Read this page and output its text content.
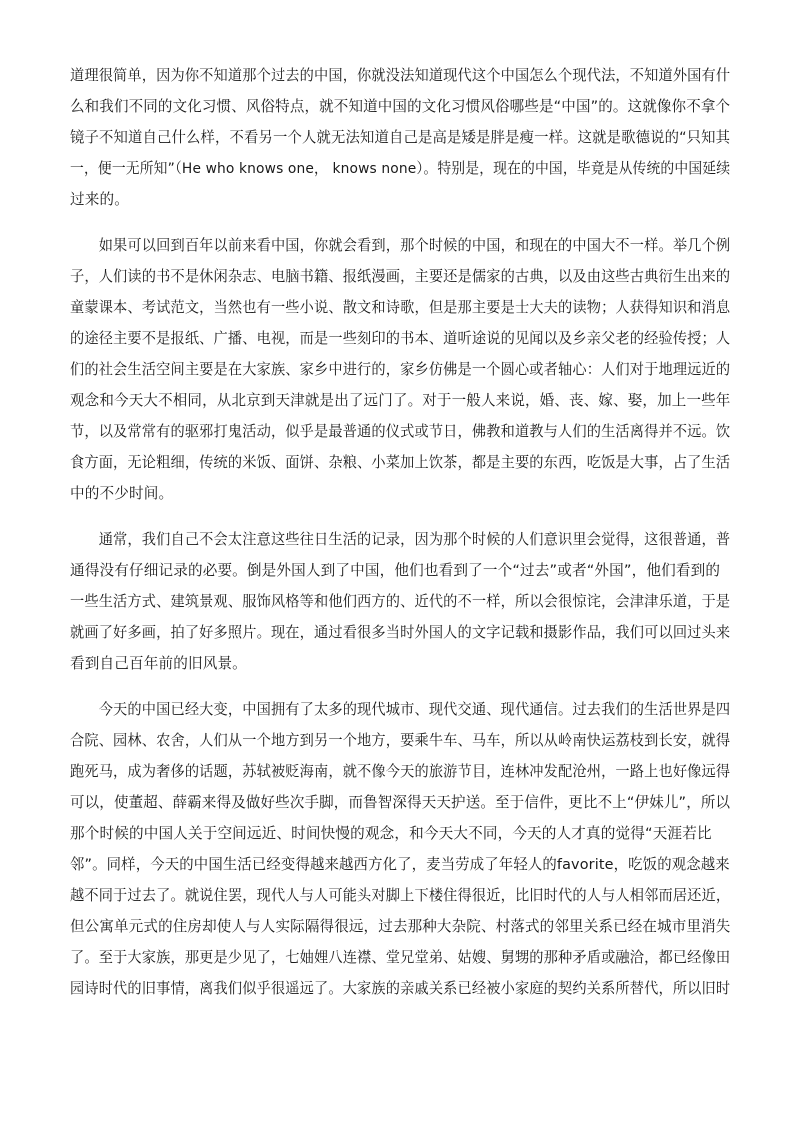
道理很简单，因为你不知道那个过去的中国，你就没法知道现代这个中国怎么个现代法，不知道外国有什
么和我们不同的文化习惯、风俗特点，就不知道中国的文化习惯风俗哪些是“中国”的。这就像你不拿个
镜子不知道自己什么样，不看另一个人就无法知道自己是高是矮是胖是瘦一样。这就是歌德说的“只知其
一，便一无所知”（He who knows one， knows none）。特别是，现在的中国，毕竟是从传统的中国延续
过来的。
　　如果可以回到百年以前来看中国，你就会看到，那个时候的中国，和现在的中国大不一样。举几个例
子，人们读的书不是休闲杂志、电脑书籍、报纸漫画，主要还是儒家的古典，以及由这些古典衍生出来的
童蒙课本、考试范文，当然也有一些小说、散文和诗歌，但是那主要是士大夫的读物；人获得知识和消息
的途径主要不是报纸、广播、电视，而是一些刻印的书本、道听途说的见闻以及乡亲父老的经验传授；人
们的社会生活空间主要是在大家族、家乡中进行的，家乡仿佛是一个圆心或者轴心：人们对于地理远近的
观念和今天大不相同，从北京到天津就是出了远门了。对于一般人来说，婚、丧、嫁、娶，加上一些年
节，以及常常有的驱邪打鬼活动，似乎是最普通的仪式或节日，佛教和道教与人们的生活离得并不远。饮
食方面，无论粗细，传统的米饭、面饼、杂粮、小菜加上饮茶，都是主要的东西，吃饭是大事，占了生活
中的不少时间。
　　通常，我们自己不会太注意这些往日生活的记录，因为那个时候的人们意识里会觉得，这很普通，普
通得没有仔细记录的必要。倒是外国人到了中国，他们也看到了一个“过去”或者“外国”，他们看到的
一些生活方式、建筑景观、服饰风格等和他们西方的、近代的不一样，所以会很惊诧，会津津乐道，于是
就画了好多画，拍了好多照片。现在，通过看很多当时外国人的文字记载和摄影作品，我们可以回过头来
看到自己百年前的旧风景。
　　今天的中国已经大变，中国拥有了太多的现代城市、现代交通、现代通信。过去我们的生活世界是四
合院、园林、农舍，人们从一个地方到另一个地方，要乘牛车、马车，所以从岭南快运荔枝到长安，就得
跑死马，成为奢侈的话题，苏轼被贬海南，就不像今天的旅游节目，连林冲发配沧州，一路上也好像远得
可以，使董超、薛霸来得及做好些次手脚，而鲁智深得天天护送。至于信件，更比不上“伊妹儿”，所以
那个时候的中国人关于空间远近、时间快慢的观念，和今天大不同，今天的人才真的觉得“天涯若比
邻”。同样，今天的中国生活已经变得越来越西方化了，麦当劳成了年轻人的favorite，吃饭的观念越来
越不同于过去了。就说住罢，现代人与人可能头对脚上下楼住得很近，比旧时代的人与人相邻而居还近，
但公寓单元式的住房却使人与人实际隔得很远，过去那种大杂院、村落式的邻里关系已经在城市里消失
了。至于大家族，那更是少见了，七妯娌八连襟、堂兄堂弟、姑嫂、舅甥的那种矛盾或融洽，都已经像田
园诗时代的旧事情，离我们似乎很遥远了。大家族的亲戚关系已经被小家庭的契约关系所替代，所以旧时
